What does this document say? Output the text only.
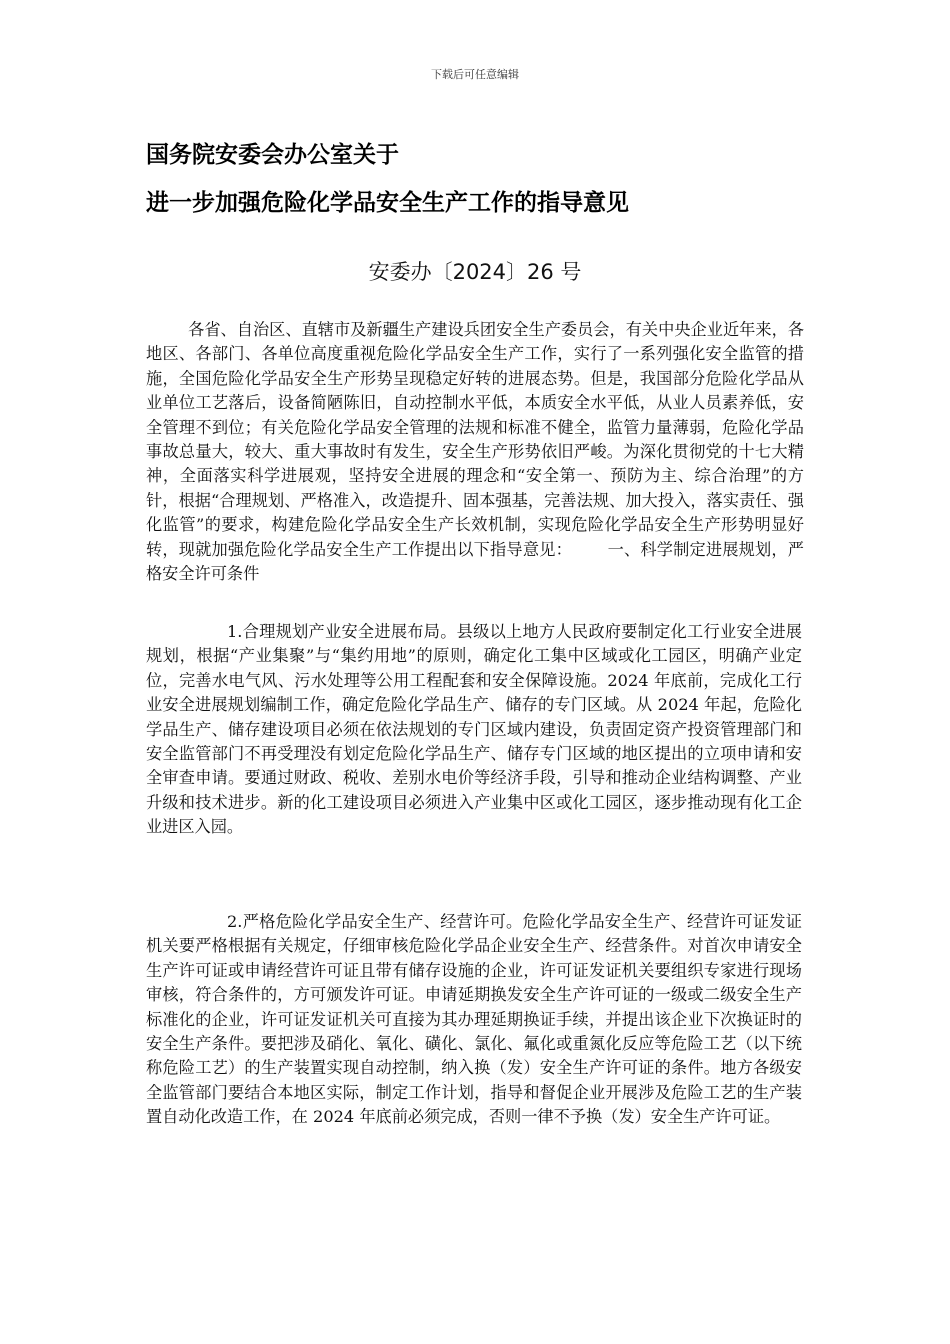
下载后可任意编辑
国务院安委会办公室关于
进一步加强危险化学品安全生产工作的指导意见
安委办〔2024〕26 号

各省、自治区、直辖市及新疆生产建设兵团安全生产委员会，有关中央企业近年来，各地区、各部门、各单位高度重视危险化学品安全生产工作，实行了一系列强化安全监管的措施，全国危险化学品安全生产形势呈现稳定好转的进展态势。但是，我国部分危险化学品从业单位工艺落后，设备简陋陈旧，自动控制水平低，本质安全水平低，从业人员素养低，安全管理不到位；有关危险化学品安全管理的法规和标准不健全，监管力量薄弱，危险化学品事故总量大，较大、重大事故时有发生，安全生产形势依旧严峻。为深化贯彻党的十七大精神，全面落实科学进展观，坚持安全进展的理念和“安全第一、预防为主、综合治理”的方针，根据“合理规划、严格准入，改造提升、固本强基，完善法规、加大投入，落实责任、强化监管”的要求，构建危险化学品安全生产长效机制，实现危险化学品安全生产形势明显好转，现就加强危险化学品安全生产工作提出以下指导意见： 一、科学制定进展规划，严格安全许可条件

1.合理规划产业安全进展布局。县级以上地方人民政府要制定化工行业安全进展规划，根据“产业集聚”与“集约用地”的原则，确定化工集中区域或化工园区，明确产业定位，完善水电气风、污水处理等公用工程配套和安全保障设施。2024 年底前，完成化工行业安全进展规划编制工作，确定危险化学品生产、储存的专门区域。从 2024 年起，危险化学品生产、储存建设项目必须在依法规划的专门区域内建设，负责固定资产投资管理部门和安全监管部门不再受理没有划定危险化学品生产、储存专门区域的地区提出的立项申请和安全审查申请。要通过财政、税收、差别水电价等经济手段，引导和推动企业结构调整、产业升级和技术进步。新的化工建设项目必须进入产业集中区或化工园区，逐步推动现有化工企业进区入园。

2.严格危险化学品安全生产、经营许可。危险化学品安全生产、经营许可证发证机关要严格根据有关规定，仔细审核危险化学品企业安全生产、经营条件。对首次申请安全生产许可证或申请经营许可证且带有储存设施的企业，许可证发证机关要组织专家进行现场审核，符合条件的，方可颁发许可证。申请延期换发安全生产许可证的一级或二级安全生产标准化的企业，许可证发证机关可直接为其办理延期换证手续，并提出该企业下次换证时的安全生产条件。要把涉及硝化、氧化、磺化、氯化、氟化或重氮化反应等危险工艺（以下统称危险工艺）的生产装置实现自动控制，纳入换（发）安全生产许可证的条件。地方各级安全监管部门要结合本地区实际，制定工作计划，指导和督促企业开展涉及危险工艺的生产装置自动化改造工作，在 2024 年底前必须完成，否则一律不予换（发）安全生产许可证。
